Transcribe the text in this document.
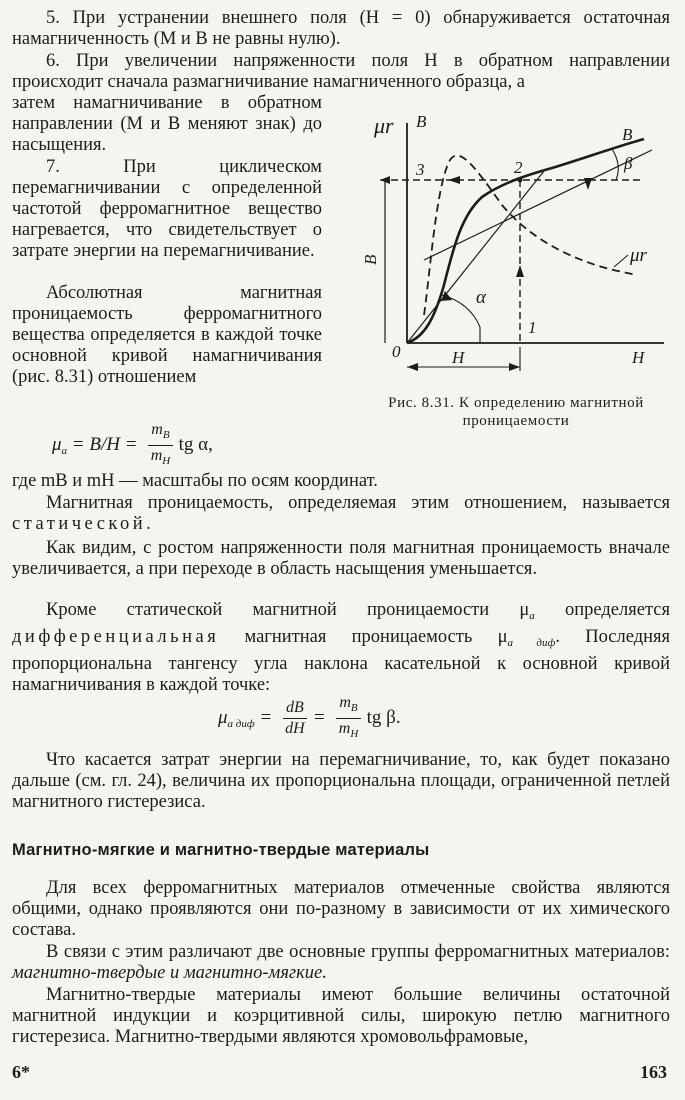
5. При устранении внешнего поля (H = 0) обнаруживается остаточная намагниченность (М и В не равны нулю).

6. При увеличении напряженности поля H в обратном направлении происходит сначала размагничивание намагниченного образца, а

затем намагничивание в обратном направлении (М и В меняют знак) до насыщения.

7. При циклическом перемагничивании с определенной частотой ферромагнитное вещество нагревается, что свидетельствует о затрате энергии на перемагничивание.

Абсолютная магнитная проницаемость ферромагнитного вещества определяется в каждой точке основной кривой намагничивания (рис. 8.31) отношением

μr B
B
β
3	2
μr
B
α
1
0	H	H

Рис. 8.31. К определению магнитной проницаемости

$\mu_a = B/H = \frac{m_B}{m_H}$ tg α,

где mB и mH — масштабы по осям координат.

Магнитная проницаемость, определяемая этим отношением, называется статической.

Как видим, с ростом напряженности поля магнитная проницаемость вначале увеличивается, а при переходе в область насыщения уменьшается.

Кроме статической магнитной проницаемости $\mu_a$ определяется дифференциальная магнитная проницаемость $\mu_{a диф}$. Последняя пропорциональна тангенсу угла наклона касательной к основной кривой намагничивания в каждой точке:

$\mu_{a диф} = \frac{dB}{dH} = \frac{m_B}{m_H}$ tg β.

Что касается затрат энергии на перемагничивание, то, как будет показано дальше (см. гл. 24), величина их пропорциональна площади, ограниченной петлей магнитного гистерезиса.

Магнитно-мягкие и магнитно-твердые материалы

Для всех ферромагнитных материалов отмеченные свойства являются общими, однако проявляются они по-разному в зависимости от их химического состава.

В связи с этим различают две основные группы ферромагнитных материалов: магнитно-твердые и магнитно-мягкие.

Магнитно-твердые материалы имеют большие величины остаточной магнитной индукции и коэрцитивной силы, широкую петлю магнитного гистерезиса. Магнитно-твердыми являются хромовольфрамовые,

6*	163
